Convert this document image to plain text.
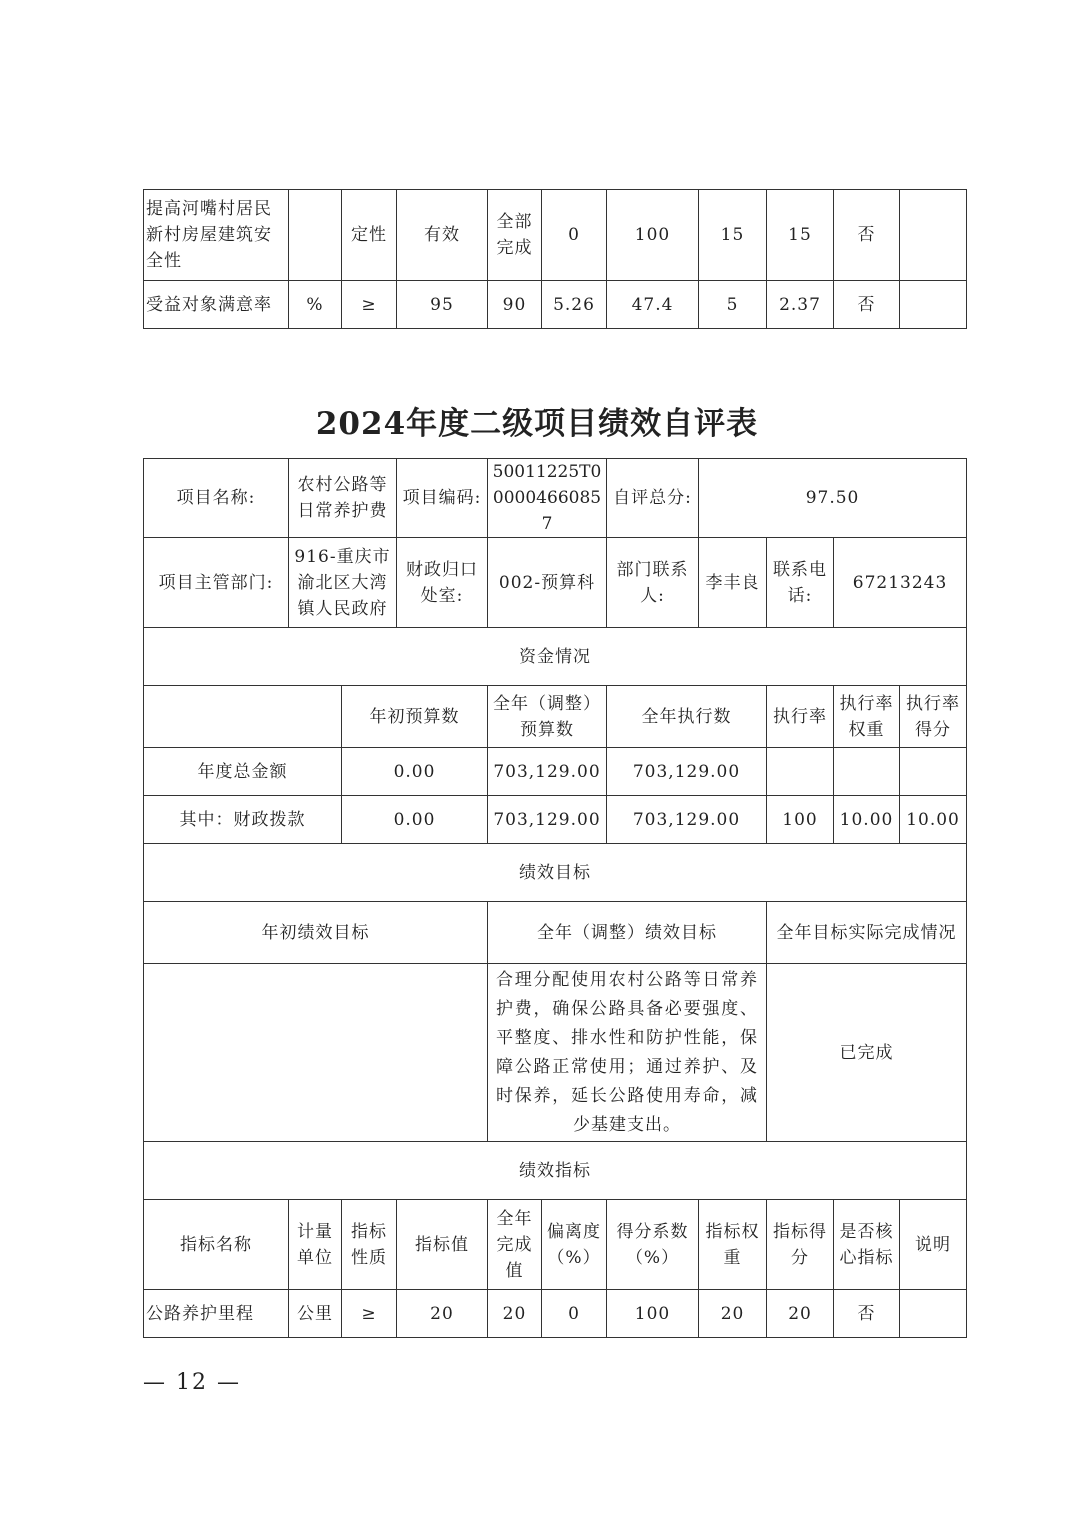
提高河嘴村居民新村房屋建筑安全性		定性	有效	全部完成	0	100	15	15	否	
受益对象满意率	%	≥	95	90	5.26	47.4	5	2.37	否	
2024年度二级项目绩效自评表
项目名称:	农村公路等日常养护费		项目编码:	50011225T000004660857		自评总分:	97.50			
项目主管部门:	916-重庆市渝北区大湾镇人民政府		财政归口处室:	002-预算科		部门联系人:	李丰良	联系电话:	67213243	
资金情况										
		年初预算数		全年（调整）预算数		全年执行数		执行率	执行率权重	执行率得分
年度总金额		0.00		703,129.00		703,129.00				
其中：财政拨款		0.00		703,129.00		703,129.00		100	10.00	10.00
绩效目标										
年初绩效目标				全年（调整）绩效目标				全年目标实际完成情况		
				合理分配使用农村公路等日常养护费，确保公路具备必要强度、平整度、排水性和防护性能，保障公路正常使用；通过养护、及时保养，延长公路使用寿命，减少基建支出。				已完成		
绩效指标										
指标名称	计量单位	指标性质	指标值	全年完成值	偏离度（%）	得分系数（%）	指标权重	指标得分	是否核心指标	说明
公路养护里程	公里	≥	20	20	0	100	20	20	否	
— 12 —
